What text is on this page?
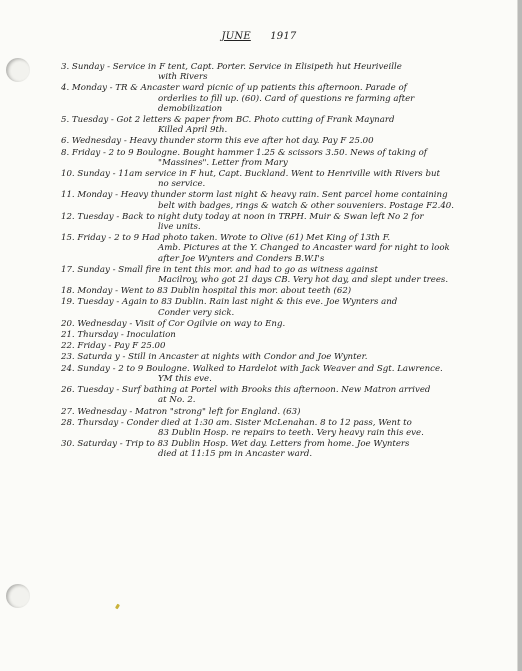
JUNE 1917
3. Sunday - Service in F tent, Capt. Porter. Service in Elisipeth hut Heuriveille
with Rivers
4. Monday - TR & Ancaster ward picnic of up patients this afternoon. Parade of
orderlies to fill up. (60). Card of questions re farming after
demobilization
5. Tuesday - Got 2 letters & paper from BC. Photo cutting of Frank Maynard
Killed April 9th.
6. Wednesday - Heavy thunder storm this eve after hot day. Pay F 25.00
8. Friday - 2 to 9 Boulogne. Bought hammer 1.25 & scissors 3.50. News of taking of
"Massines". Letter from Mary
10. Sunday - 11am service in F hut, Capt. Buckland. Went to Henriville with Rivers but
no service.
11. Monday - Heavy thunder storm last night & heavy rain. Sent parcel home containing
belt with badges, rings & watch & other souveniers. Postage F2.40.
12. Tuesday - Back to night duty today at noon in TRPH. Muir & Swan left No 2 for
live units.
15. Friday - 2 to 9 Had photo taken. Wrote to Olive (61) Met King of 13th F.
Amb. Pictures at the Y. Changed to Ancaster ward for night to look
after Joe Wynters and Conders B.W.I's
17. Sunday - Small fire in tent this mor. and had to go as witness against
Macilroy, who got 21 days CB. Very hot day, and slept under trees.
18. Monday - Went to 83 Dublin hospital this mor. about teeth (62)
19. Tuesday - Again to 83 Dublin. Rain last night & this eve. Joe Wynters and
Conder very sick.
20. Wednesday - Visit of Cor Ogilvie on way to Eng.
21. Thursday - Inoculation
22. Friday - Pay F 25.00
23. Saturda y - Still in Ancaster at nights with Condor and Joe Wynter.
24. Sunday - 2 to 9 Boulogne. Walked to Hardelot with Jack Weaver and Sgt. Lawrence.
YM this eve.
26. Tuesday - Surf bathing at Portel with Brooks this afternoon. New Matron arrived
at No. 2.
27. Wednesday - Matron "strong" left for England. (63)
28. Thursday - Conder died at 1:30 am. Sister McLenahan. 8 to 12 pass, Went to
83 Dublin Hosp. re repairs to teeth. Very heavy rain this eve.
30. Saturday - Trip to 83 Dublin Hosp. Wet day. Letters from home. Joe Wynters
died at 11:15 pm in Ancaster ward.
